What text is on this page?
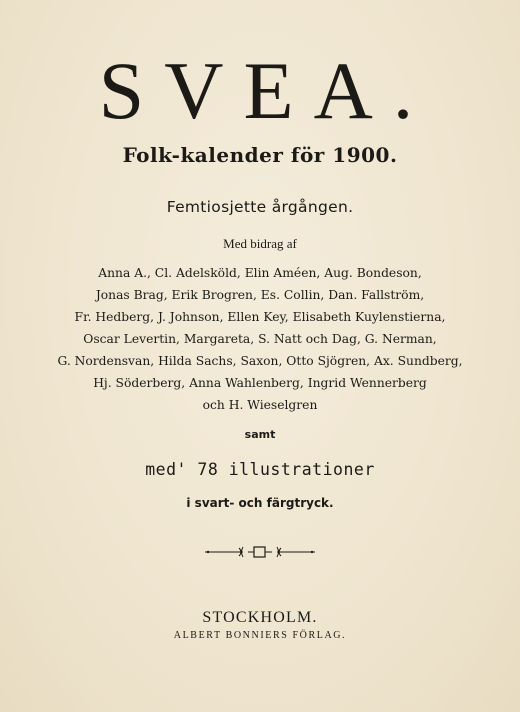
SVEA.
Folk-kalender för 1900.
Femtiosjette årgången.
Med bidrag af
Anna A., Cl. Adelsköld, Elin Améen, Aug. Bondeson,
Jonas Brag, Erik Brogren, Es. Collin, Dan. Fallström,
Fr. Hedberg, J. Johnson, Ellen Key, Elisabeth Kuylenstierna,
Oscar Levertin, Margareta, S. Natt och Dag, G. Nerman,
G. Nordensvan, Hilda Sachs, Saxon, Otto Sjögren, Ax. Sundberg,
Hj. Söderberg, Anna Wahlenberg, Ingrid Wennerberg
och H. Wieselgren
samt
med' 78 illustrationer
i svart- och färgtryck.
STOCKHOLM.
ALBERT BONNIERS FÖRLAG.
